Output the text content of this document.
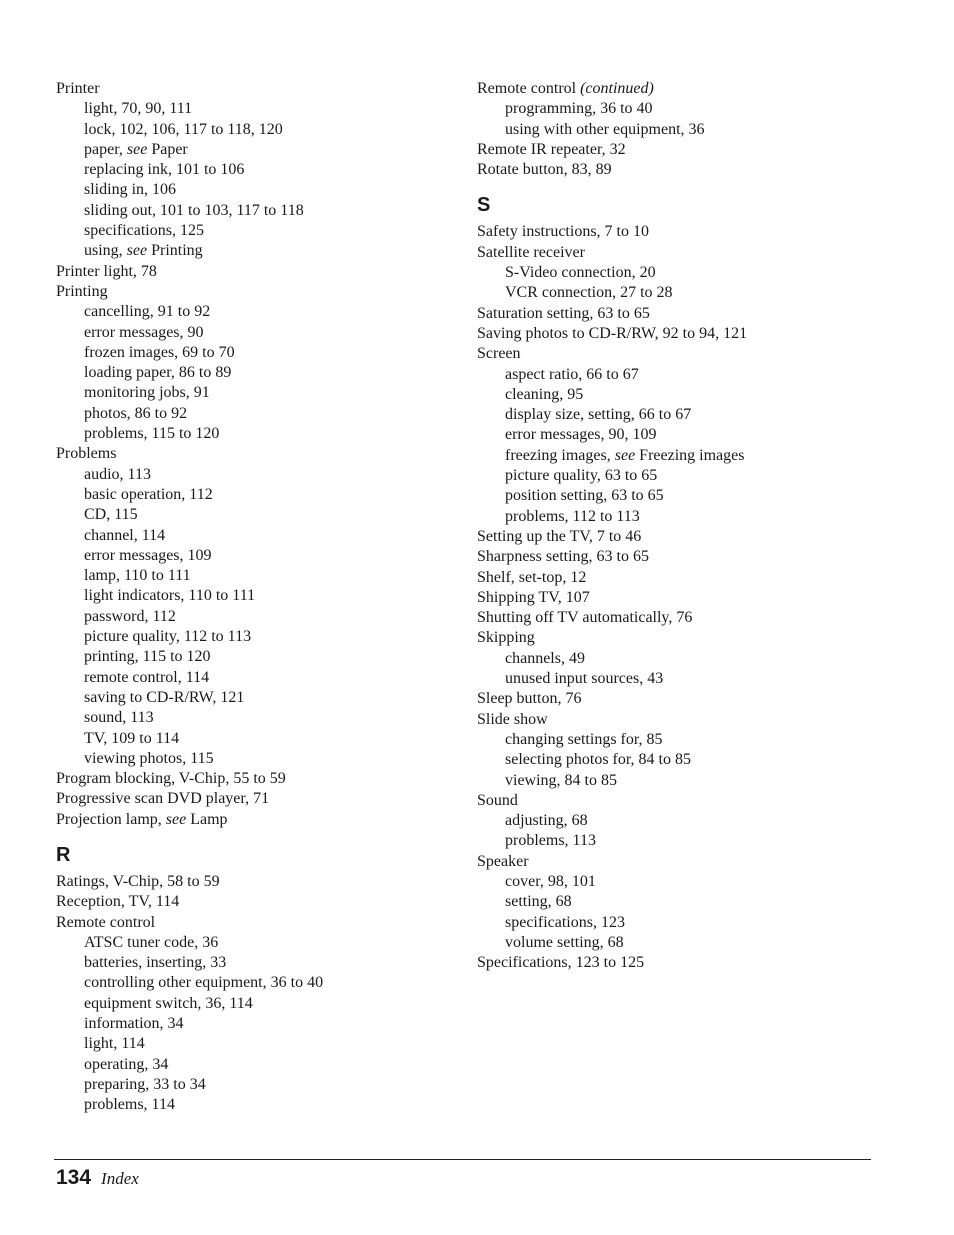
Printer
light, 70, 90, 111
lock, 102, 106, 117 to 118, 120
paper, see Paper
replacing ink, 101 to 106
sliding in, 106
sliding out, 101 to 103, 117 to 118
specifications, 125
using, see Printing
Printer light, 78
Printing
cancelling, 91 to 92
error messages, 90
frozen images, 69 to 70
loading paper, 86 to 89
monitoring jobs, 91
photos, 86 to 92
problems, 115 to 120
Problems
audio, 113
basic operation, 112
CD, 115
channel, 114
error messages, 109
lamp, 110 to 111
light indicators, 110 to 111
password, 112
picture quality, 112 to 113
printing, 115 to 120
remote control, 114
saving to CD-R/RW, 121
sound, 113
TV, 109 to 114
viewing photos, 115
Program blocking, V-Chip, 55 to 59
Progressive scan DVD player, 71
Projection lamp, see Lamp
R
Ratings, V-Chip, 58 to 59
Reception, TV, 114
Remote control
ATSC tuner code, 36
batteries, inserting, 33
controlling other equipment, 36 to 40
equipment switch, 36, 114
information, 34
light, 114
operating, 34
preparing, 33 to 34
problems, 114
Remote control (continued)
programming, 36 to 40
using with other equipment, 36
Remote IR repeater, 32
Rotate button, 83, 89
S
Safety instructions, 7 to 10
Satellite receiver
S-Video connection, 20
VCR connection, 27 to 28
Saturation setting, 63 to 65
Saving photos to CD-R/RW, 92 to 94, 121
Screen
aspect ratio, 66 to 67
cleaning, 95
display size, setting, 66 to 67
error messages, 90, 109
freezing images, see Freezing images
picture quality, 63 to 65
position setting, 63 to 65
problems, 112 to 113
Setting up the TV, 7 to 46
Sharpness setting, 63 to 65
Shelf, set-top, 12
Shipping TV, 107
Shutting off TV automatically, 76
Skipping
channels, 49
unused input sources, 43
Sleep button, 76
Slide show
changing settings for, 85
selecting photos for, 84 to 85
viewing, 84 to 85
Sound
adjusting, 68
problems, 113
Speaker
cover, 98, 101
setting, 68
specifications, 123
volume setting, 68
Specifications, 123 to 125
134 Index
